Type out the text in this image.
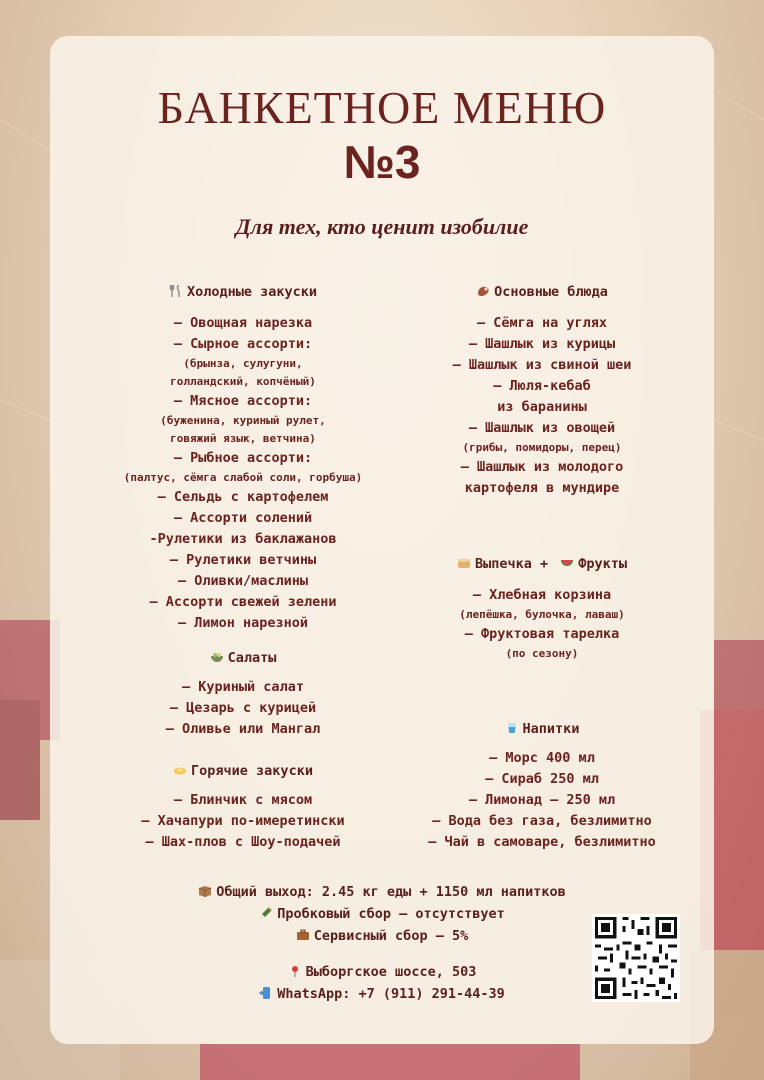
БАНКЕТНОЕ МЕНЮ
№3
Для тех, кто ценит изобилие
Холодные закуски
– Овощная нарезка
– Сырное ассорти:
(брынза, сулугуни,
голландский, копчёный)
– Мясное ассорти:
(буженина, куриный рулет,
говяжий язык, ветчина)
– Рыбное ассорти:
(палтус, сёмга слабой соли, горбуша)
– Сельдь с картофелем
– Ассорти солений
-Рулетики из баклажанов
– Рулетики ветчины
– Оливки/маслины
– Ассорти свежей зелени
– Лимон нарезной
Салаты
– Куриный салат
– Цезарь с курицей
– Оливье или Мангал
Горячие закуски
– Блинчик с мясом
– Хачапури по-имеретински
– Шах-плов с Шоу-подачей
Основные блюда
– Сёмга на углях
– Шашлык из курицы
– Шашлык из свиной шеи
– Люля-кебаб
из баранины
– Шашлык из овощей
(грибы, помидоры, перец)
– Шашлык из молодого
картофеля в мундире
Выпечка + Фрукты
– Хлебная корзина
(лепёшка, булочка, лаваш)
– Фруктовая тарелка
(по сезону)
Напитки
– Морс 400 мл
– Сираб 250 мл
– Лимонад — 250 мл
– Вода без газа, безлимитно
– Чай в самоваре, безлимитно
Общий выход: 2.45 кг еды + 1150 мл напитков
Пробковый сбор — отсутствует
Сервисный сбор — 5%
Выборгское шоссе, 503
WhatsApp: +7 (911) 291-44-39
